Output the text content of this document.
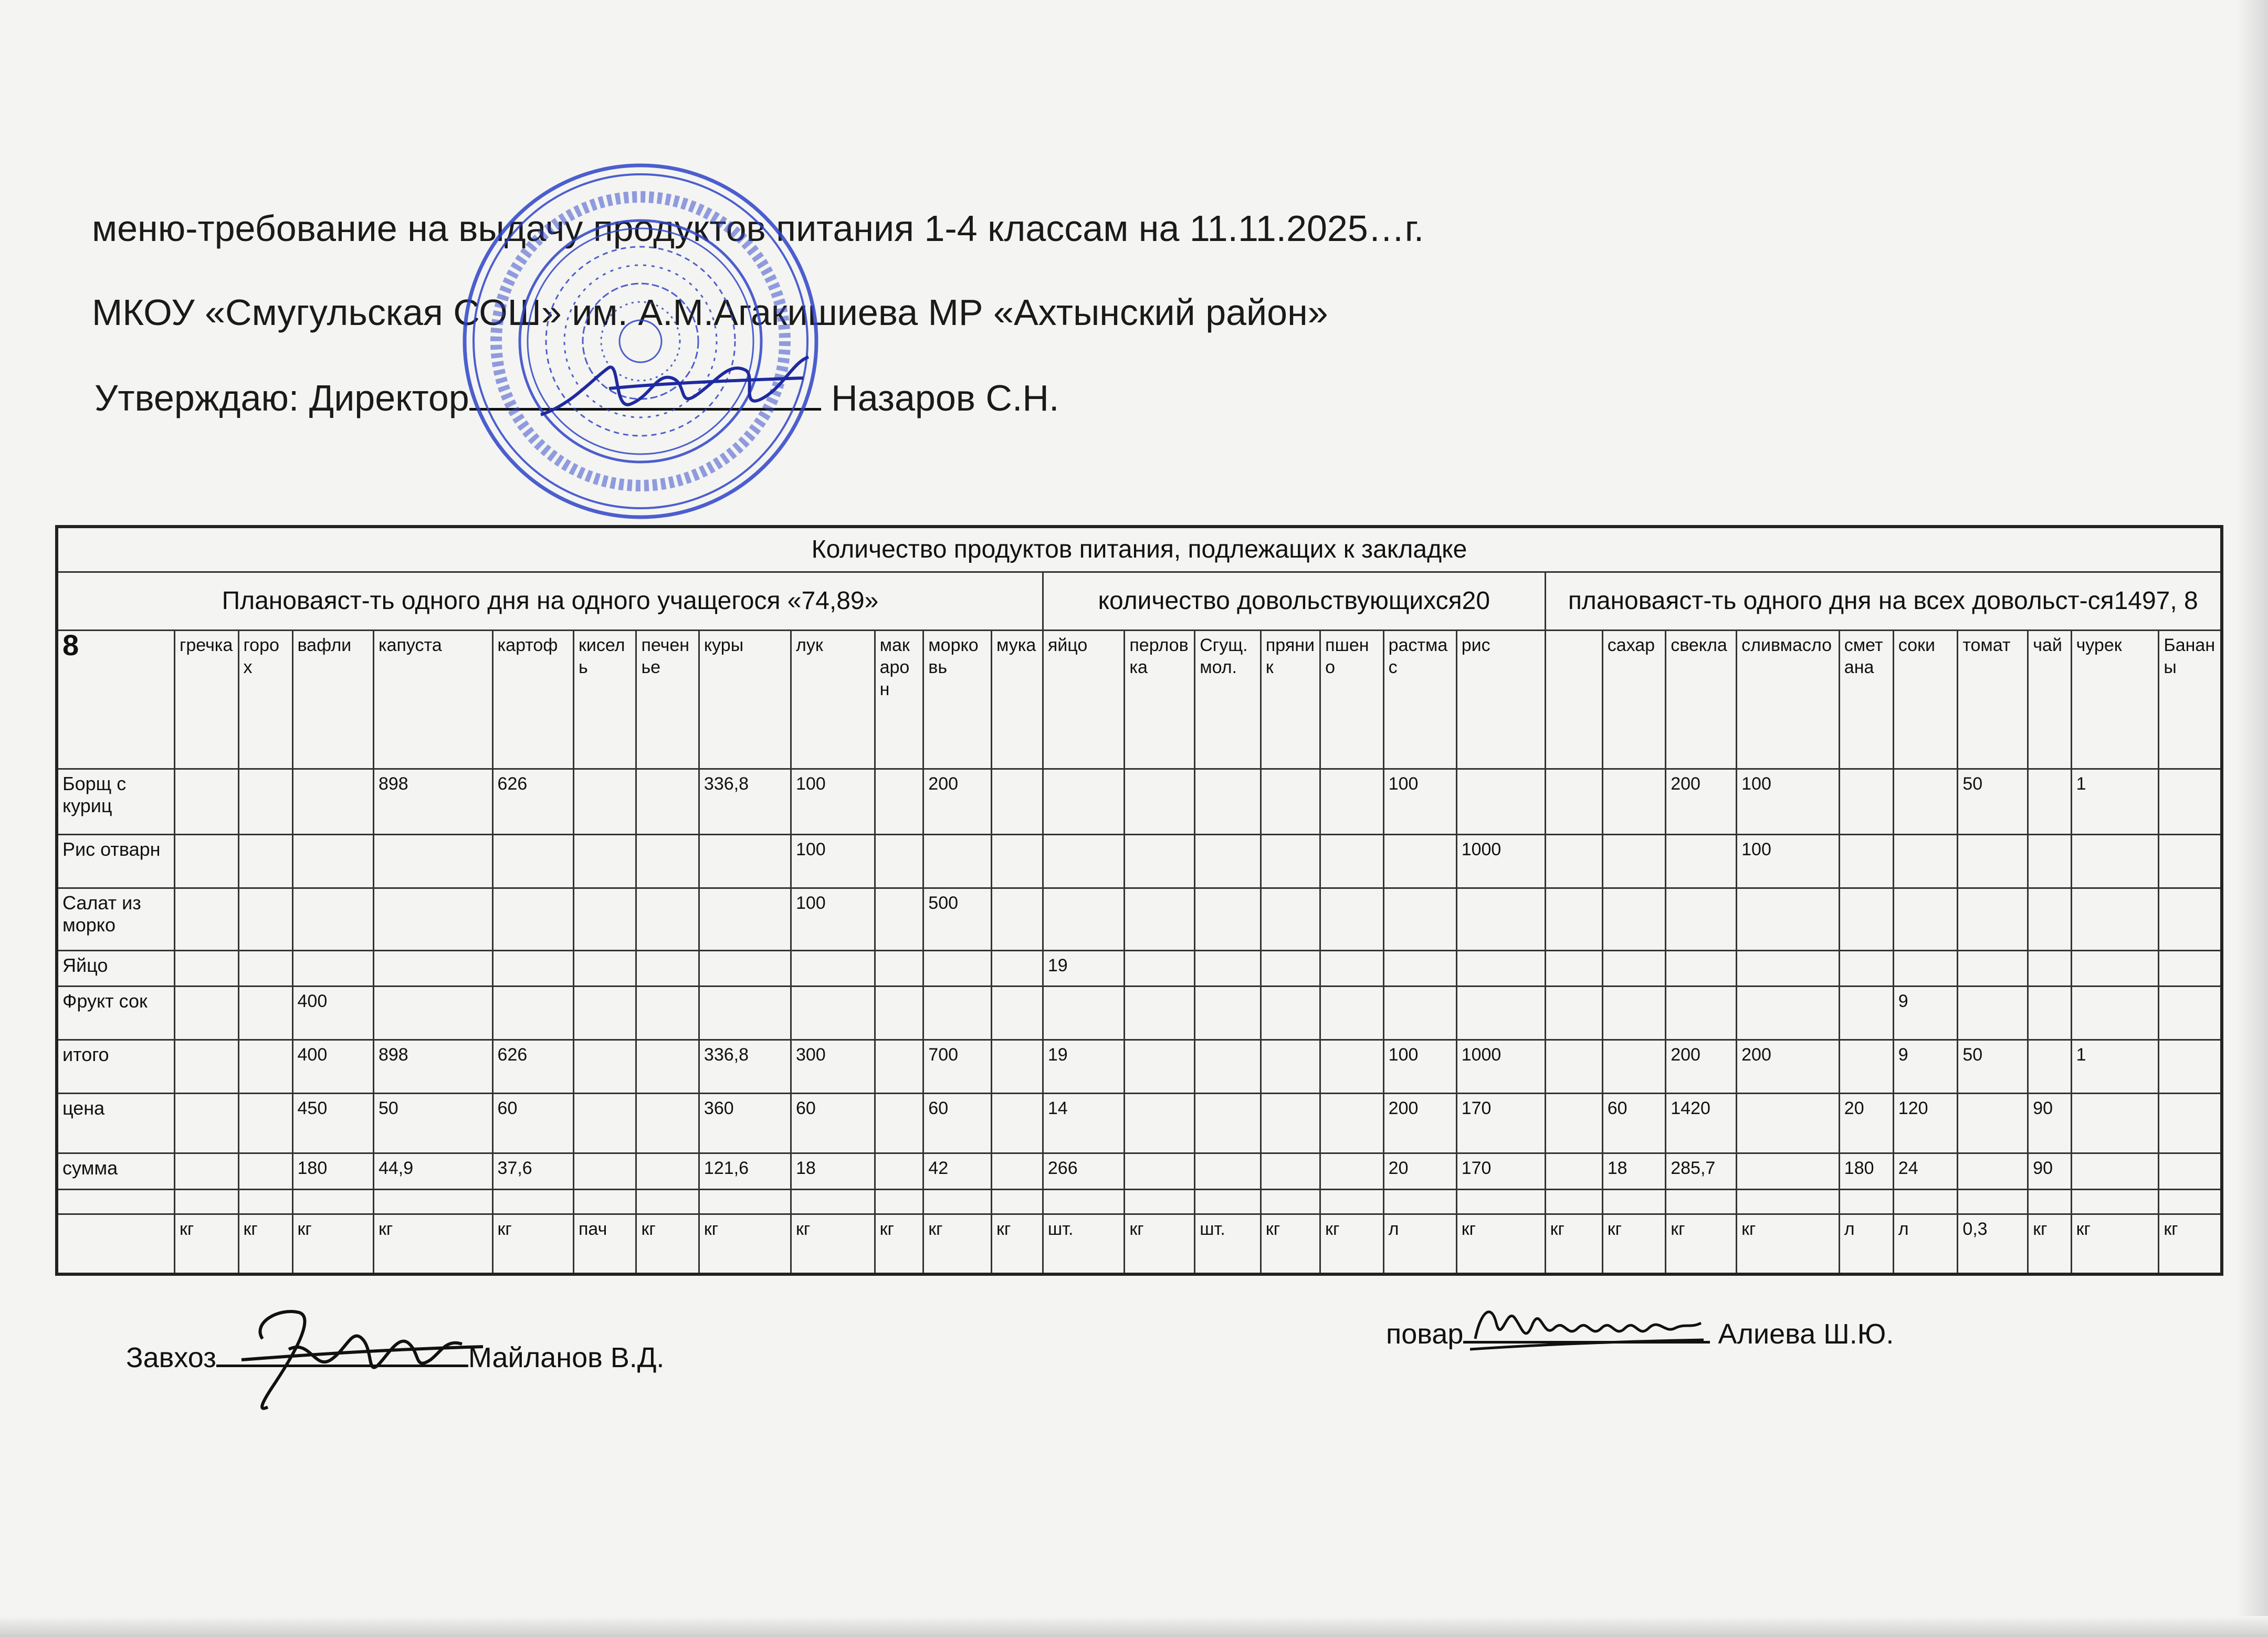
меню-требование на выдачу продуктов питания 1-4 классам на 11.11.2025…г.
МКОУ «Смугульская СОШ» им. А.М.Агакишиева МР «Ахтынский район»
Утверждаю: Директор	Назаров С.Н.
Количество продуктов питания, подлежащих к закладке																													
Плановаяст-ть одного дня на одного учащегося «74,89»													количество довольствующихся20							плановаяст-ть одного дня на всех довольст-ся1497, 8									
8	гречка	горох	вафли	капуста	картоф	кисель	печенье	куры	лук	макарон	морковь	мука	яйцо	перловка	Сгущ.мол.	пряник	пшено	растмас	рис		сахар	свекла	сливмасло	сметана	соки	томат	чай	чурек	Бананы
Борщ с куриц				898	626			336,8	100		200							100				200	100			50		1	
Рис отварн									100										1000				100						
Салат из морко									100		500																		
Яйцо													19																
Фрукт сок			400																						9				
итого			400	898	626			336,8	300		700		19					100	1000			200	200		9	50		1	
цена			450	50	60			360	60		60		14					200	170		60	1420		20	120		90		
сумма			180	44,9	37,6			121,6	18		42		266					20	170		18	285,7		180	24		90		

	кг	кг	кг	кг	кг	пач	кг	кг	кг	кг	кг	кг	шт.	кг	шт.	кг	кг	л	кг	кг	кг	кг	кг	л	л	0,3	кг	кг	кг
Завхоз	Майланов В.Д.
повар	Алиева Ш.Ю.
